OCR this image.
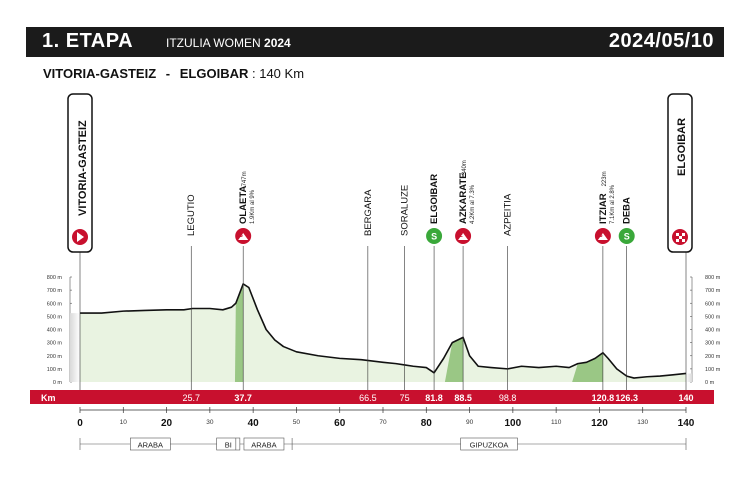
1. ETAPA	ITZULIA WOMEN 2024	2024/05/10
VITORIA-GASTEIZ - ELGOIBAR : 140 Km
0 m	0 m
100 m	100 m
200 m	200 m
300 m	300 m
400 m	400 m
500 m	500 m
600 m	600 m
700 m	700 m
800 m	800 m
Km	25.7
LEGUTIO
37.7
OLAETA
747m
1.9Km al 9%
3
66.5
BERGARA
75
SORALUZE
81.8
ELGOIBAR
S
88.5
AZKARATE
340m
4.2Km al 7.3%
2
98.8
AZPEITIA
120.8
ITZIAR
223m
7.1Km al 2.8%
3
126.3
DEBA
S
VITORIA-GASTEIZ	ELGOIBAR
140
0	20	40	60	80	100	120	140
10	30	50	70	90	110	130
ARABA	BI	ARABA	GIPUZKOA
